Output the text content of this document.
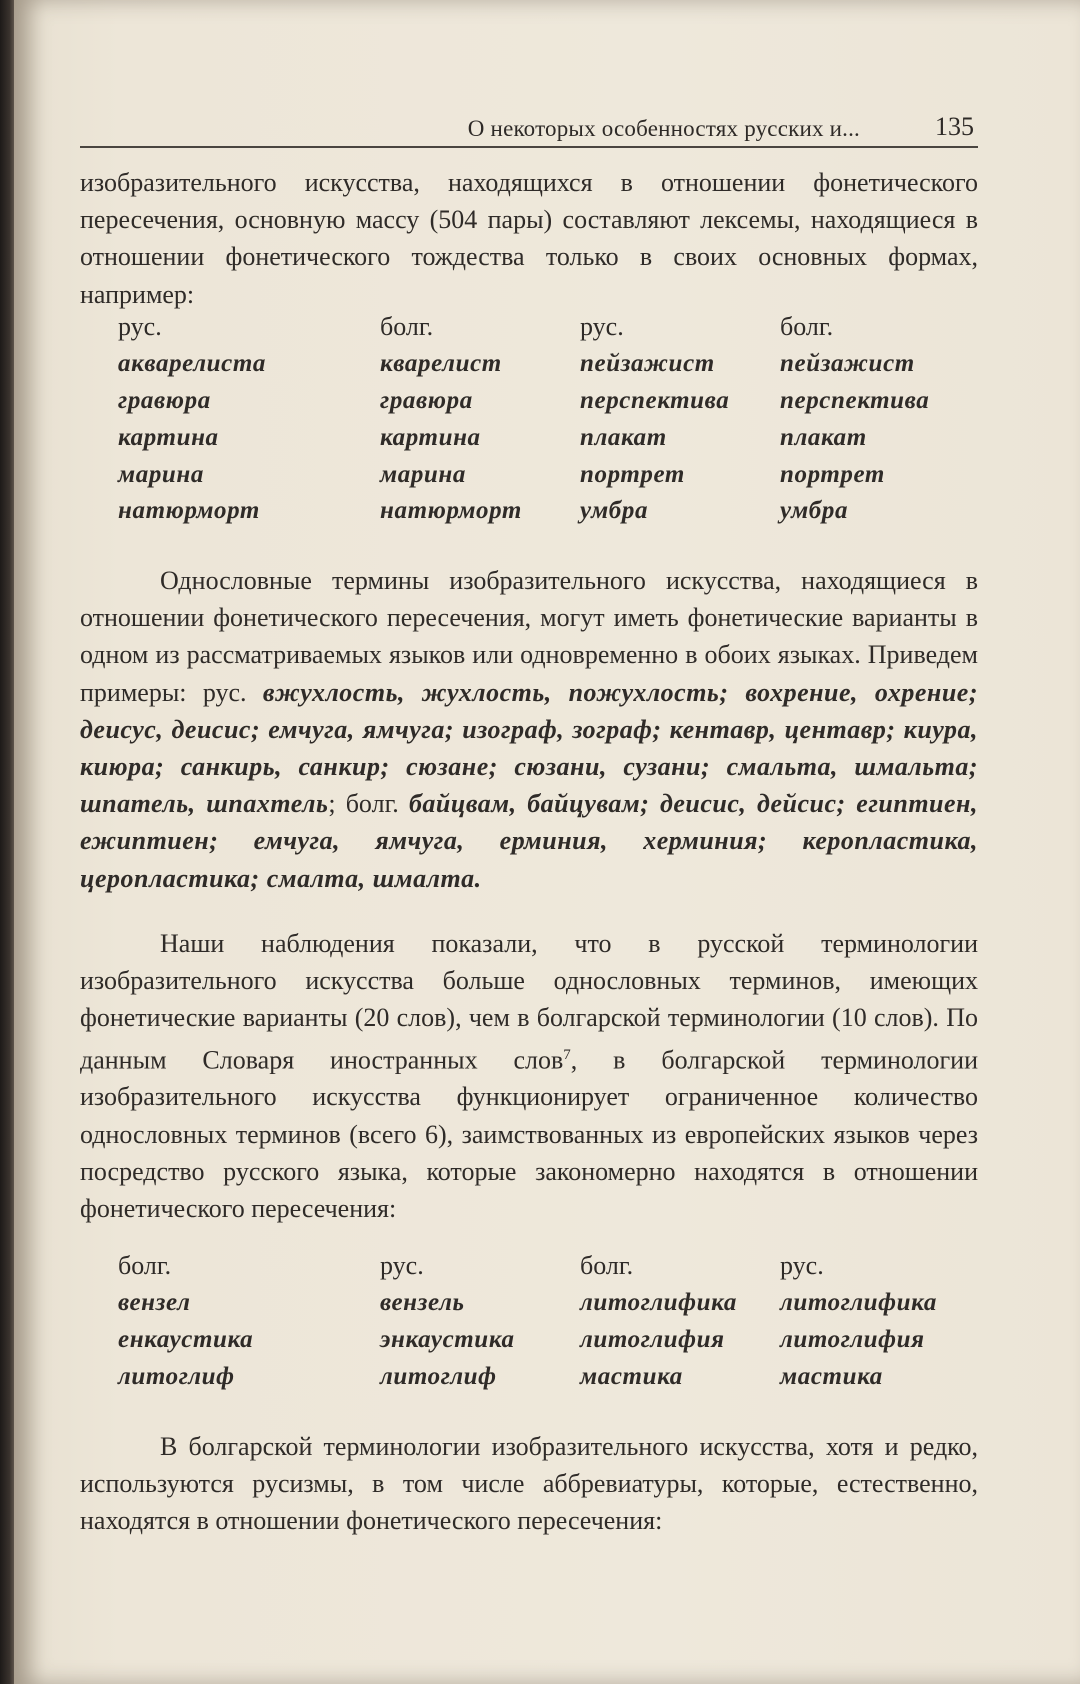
О некоторых особенностях русских и...	135

изобразительного искусства, находящихся в отношении фонетического пересечения, основную массу (504 пары) составляют лексемы, находящиеся в отношении фонетического тождества только в своих основных формах, например:

рус.	болг.	рус.	болг.
акварелиста	кварелист	пейзажист	пейзажист
гравюра	гравюра	перспектива	перспектива
картина	картина	плакат	плакат
марина	марина	портрет	портрет
натюрморт	натюрморт	умбра	умбра

Однословные термины изобразительного искусства, находящиеся в отношении фонетического пересечения, могут иметь фонетические варианты в одном из рассматриваемых языков или одновременно в обоих языках. Приведем примеры: рус. вжухлость, жухлость, пожухлость; вохрение, охрение; деисус, деисис; емчуга, ямчуга; изограф, зограф; кентавр, центавр; киура, киюра; санкирь, санкир; сюзане; сюзани, сузани; смальта, шмальта; шпатель, шпахтель; болг. байцвам, байцувам; деисис, дейсис; египтиен, ежиптиен; емчуга, ямчуга, ерминия, херминия; керопластика, церопластика; смалта, шмалта.

Наши наблюдения показали, что в русской терминологии изобразительного искусства больше однословных терминов, имеющих фонетические варианты (20 слов), чем в болгарской терминологии (10 слов). По данным Словаря иностранных слов$^7$, в болгарской терминологии изобразительного искусства функционирует ограниченное количество однословных терминов (всего 6), заимствованных из европейских языков через посредство русского языка, которые закономерно находятся в отношении фонетического пересечения:

болг.	рус.	болг.	рус.
вензел	вензель	литоглифика	литоглифика
енкаустика	энкаустика	литоглифия	литоглифия
литоглиф	литоглиф	мастика	мастика

В болгарской терминологии изобразительного искусства, хотя и редко, используются русизмы, в том числе аббревиатуры, которые, естественно, находятся в отношении фонетического пересечения:
